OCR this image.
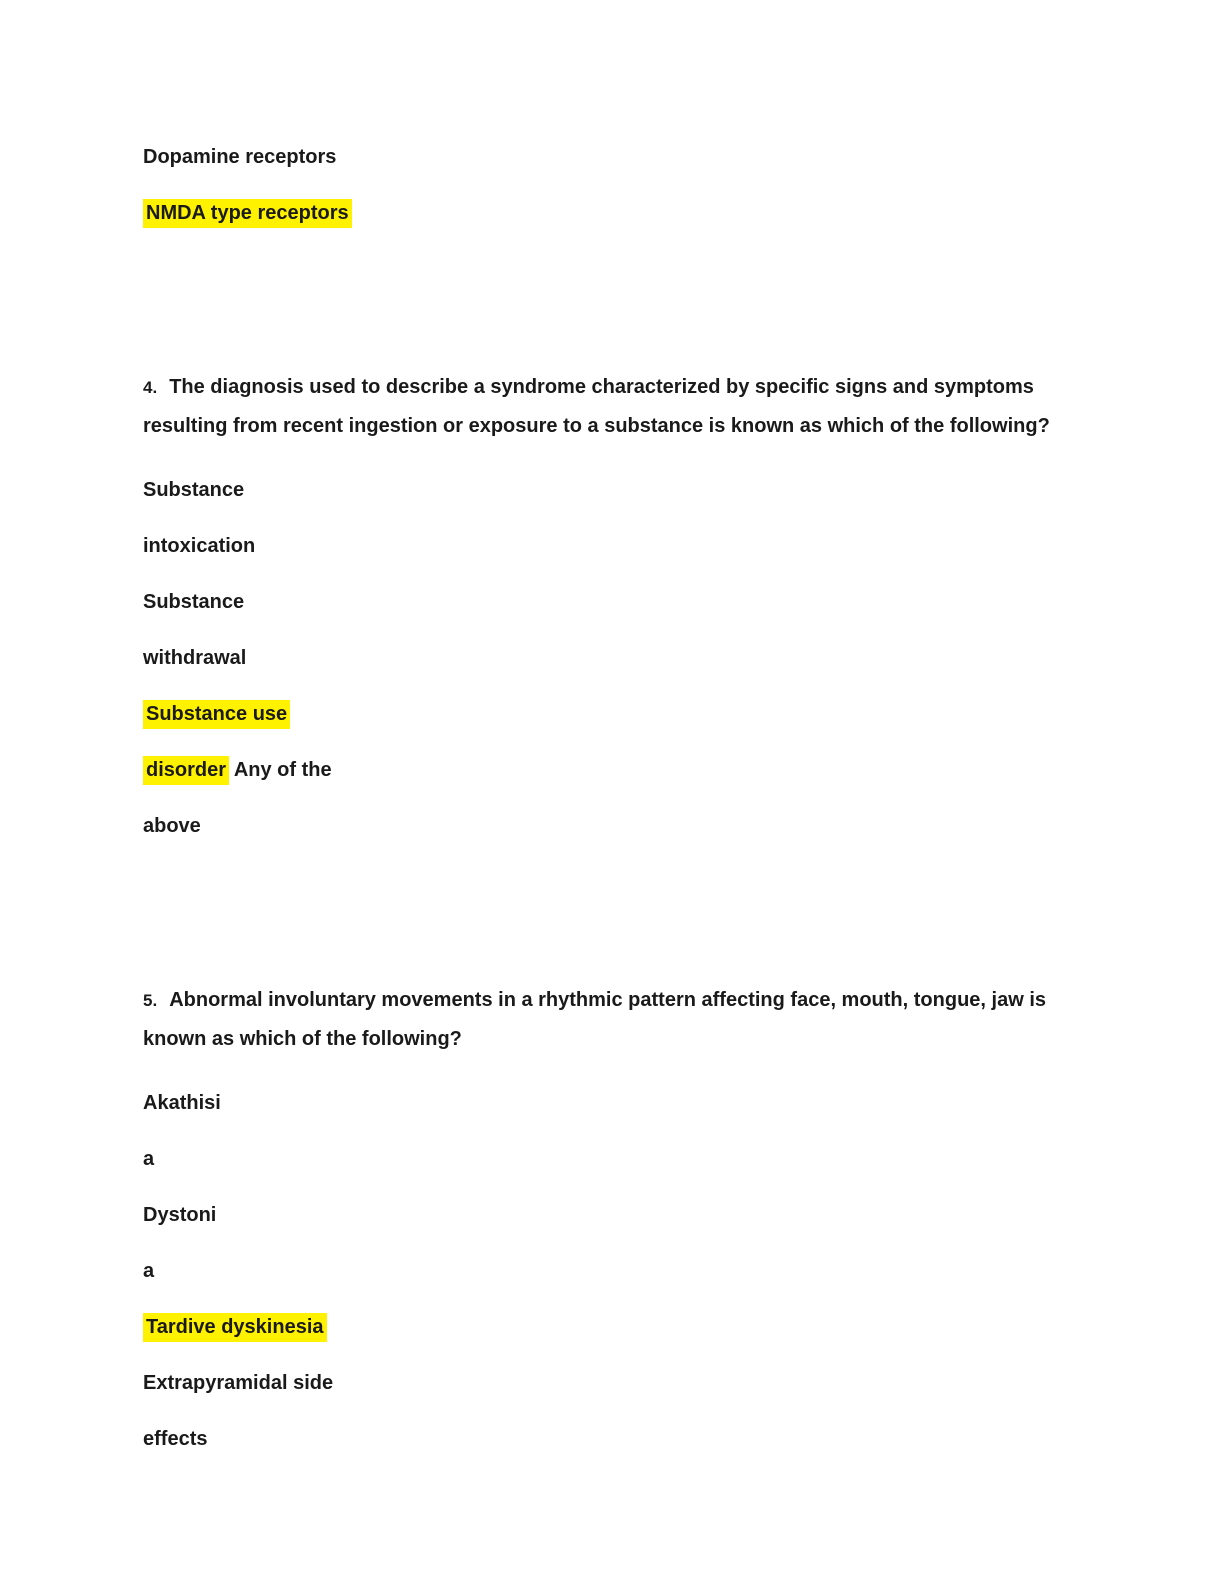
Dopamine receptors

NMDA type receptors

4. The diagnosis used to describe a syndrome characterized by specific signs and symptoms resulting from recent ingestion or exposure to a substance is known as which of the following?

Substance

intoxication

Substance

withdrawal

Substance use

disorder Any of the

above

5. Abnormal involuntary movements in a rhythmic pattern affecting face, mouth, tongue, jaw is known as which of the following?

Akathisi

a

Dystoni

a

Tardive dyskinesia

Extrapyramidal side

effects
